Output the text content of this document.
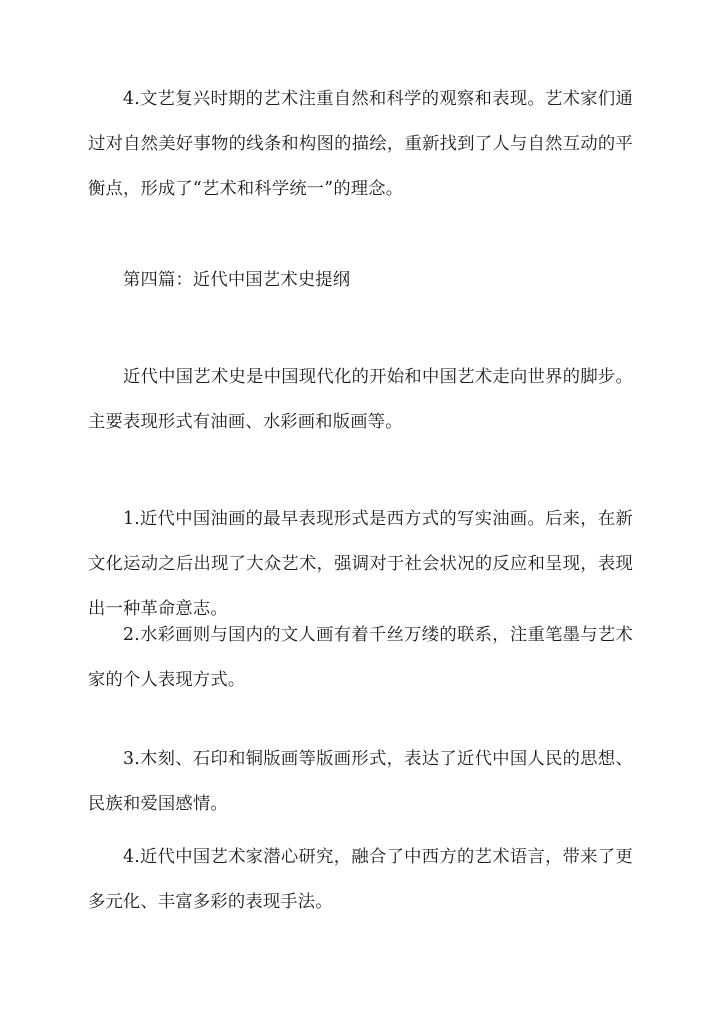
4.文艺复兴时期的艺术注重自然和科学的观察和表现。艺术家们通过对自然美好事物的线条和构图的描绘，重新找到了人与自然互动的平衡点，形成了“艺术和科学统一”的理念。

第四篇：近代中国艺术史提纲

近代中国艺术史是中国现代化的开始和中国艺术走向世界的脚步。主要表现形式有油画、水彩画和版画等。

1.近代中国油画的最早表现形式是西方式的写实油画。后来，在新文化运动之后出现了大众艺术，强调对于社会状况的反应和呈现，表现出一种革命意志。

2.水彩画则与国内的文人画有着千丝万缕的联系，注重笔墨与艺术家的个人表现方式。

3.木刻、石印和铜版画等版画形式，表达了近代中国人民的思想、民族和爱国感情。

4.近代中国艺术家潜心研究，融合了中西方的艺术语言，带来了更多元化、丰富多彩的表现手法。
